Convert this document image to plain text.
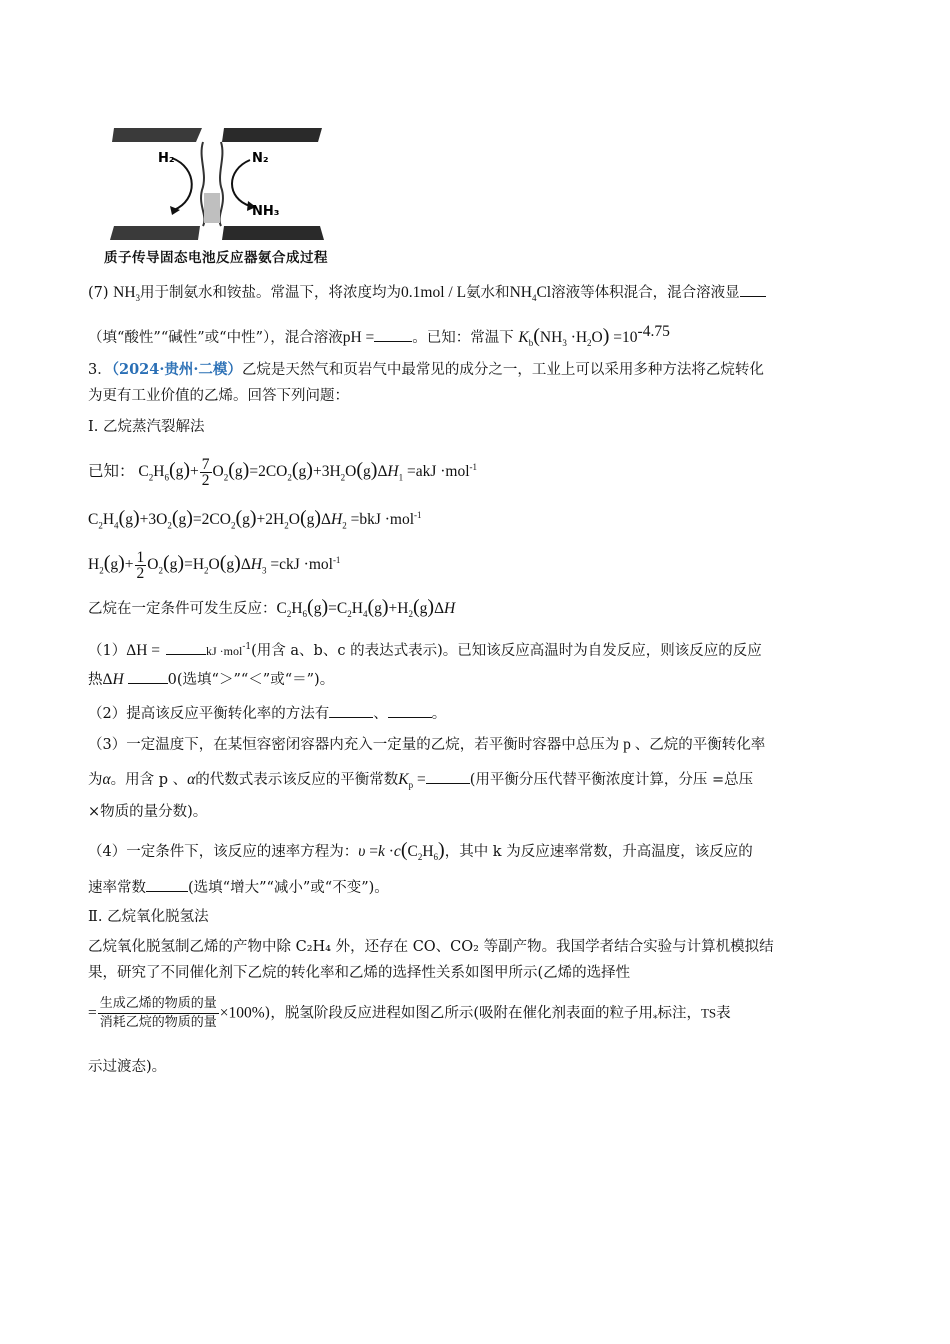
H₂	N₂
NH₃
质子传导固态电池反应器氨合成过程
(7) $NH_3$用于制氨水和铵盐。常温下，将浓度均为0.1mol / L氨水和$NH_4Cl$溶液等体积混合，混合溶液显
（填“酸性”“碱性”或“中性”），混合溶液pH =	。已知：常温下 $K_b(NH_3 \cdot H_2O) =10^{-4.75}$
3．（2024·贵州·二模）乙烷是天然气和页岩气中最常见的成分之一，工业上可以采用多种方法将乙烷转化
为更有工业价值的乙烯。回答下列问题：
I. 乙烷蒸汽裂解法
已知： $C_2H_6(g)+ \frac{7}{2} O_2(g)=2CO_2(g)+3H_2O(g)\Delta H_1 =akJ \cdot mol^{-1}$
$C_2H_4(g)+3O_2(g)=2CO_2(g)+2H_2O(g)\Delta H_2 =bkJ \cdot mol^{-1}$
$H_2(g)+ \frac{1}{2} O_2(g)=H_2O(g)\Delta H_3 =ckJ \cdot mol^{-1}$
乙烷在一定条件可发生反应：$C_2H_6(g)=C_2H_4(g)+H_2(g)\Delta H$
（1）ΔH =	kJ ·mol$^{-1}$(用含 a、b、c 的表达式表示)。已知该反应高温时为自发反应，则该反应的反应
热ΔH	0(选填“＞”“＜”或“＝”)。
（2）提高该反应平衡转化率的方法有	、	。
（3）一定温度下，在某恒容密闭容器内充入一定量的乙烷，若平衡时容器中总压为 p 、乙烷的平衡转化率
为α。用含 p 、α的代数式表示该反应的平衡常数$K_p$ =	(用平衡分压代替平衡浓度计算，分压 =总压
×物质的量分数)。
（4）一定条件下，该反应的速率方程为：$\upsilon =k \cdot c(C_2H_6)$，其中 k 为反应速率常数，升高温度，该反应的
速率常数	(选填“增大”“减小”或“不变”)。
Ⅱ. 乙烷氧化脱氢法
乙烷氧化脱氢制乙烯的产物中除 C₂H₄ 外，还存在 CO、CO₂ 等副产物。我国学者结合实验与计算机模拟结
果，研究了不同催化剂下乙烷的转化率和乙烯的选择性关系如图甲所示(乙烯的选择性
= $\frac{\text{生成乙烯的物质的量}}{\text{消耗乙烷的物质的量}} \times 100\%$)，脱氢阶段反应进程如图乙所示(吸附在催化剂表面的粒子用$_*$标注，TS表
示过渡态)。
